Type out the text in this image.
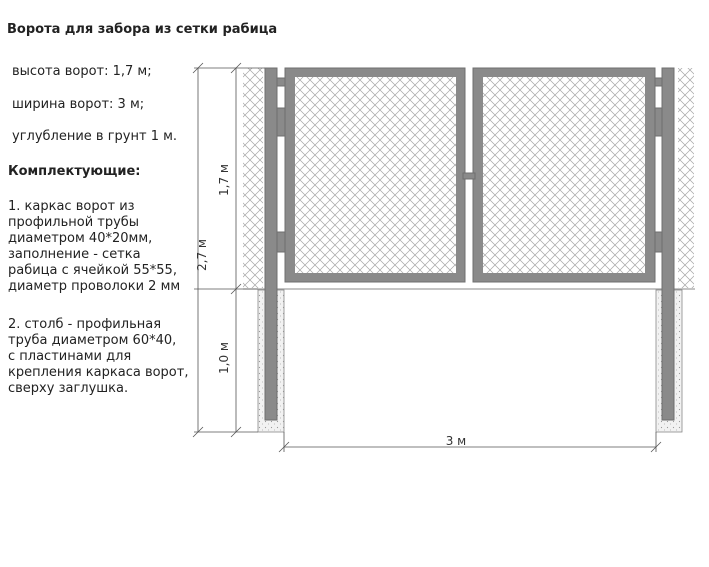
Ворота для забора из сетки рабица
высота ворот: 1,7 м;
ширина ворот: 3 м;
углубление в грунт 1 м.
Комплектующие:
1. каркас ворот из
профильной трубы
диаметром 40*20мм,
заполнение - сетка
рабица с ячейкой 55*55,
диаметр проволоки 2 мм
2. столб - профильная
труба диаметром 60*40,
с пластинами для
крепления каркаса ворот,
сверху заглушка.
1,7 м
2,7 м
1,0 м
3 м
